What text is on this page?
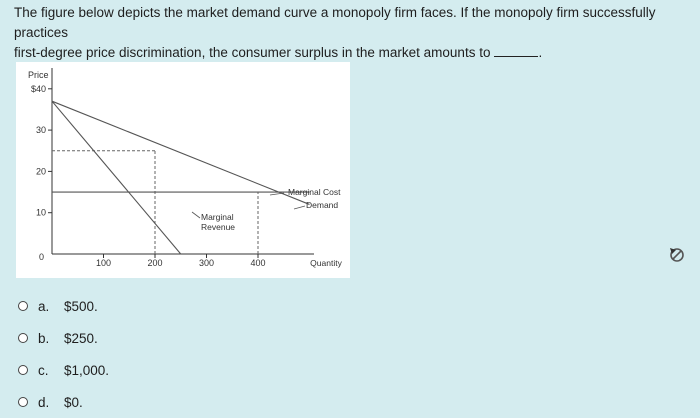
The figure below depicts the market demand curve a monopoly firm faces. If the monopoly firm successfully practices
first-degree price discrimination, the consumer surplus in the market amounts to	.
Price
$40
30
20
10
0
100	200	300	400	Quantity
Marginal Cost
Demand
Marginal
Revenue
a.	$500.
b.	$250.
c.	$1,000.
d.	$0.
